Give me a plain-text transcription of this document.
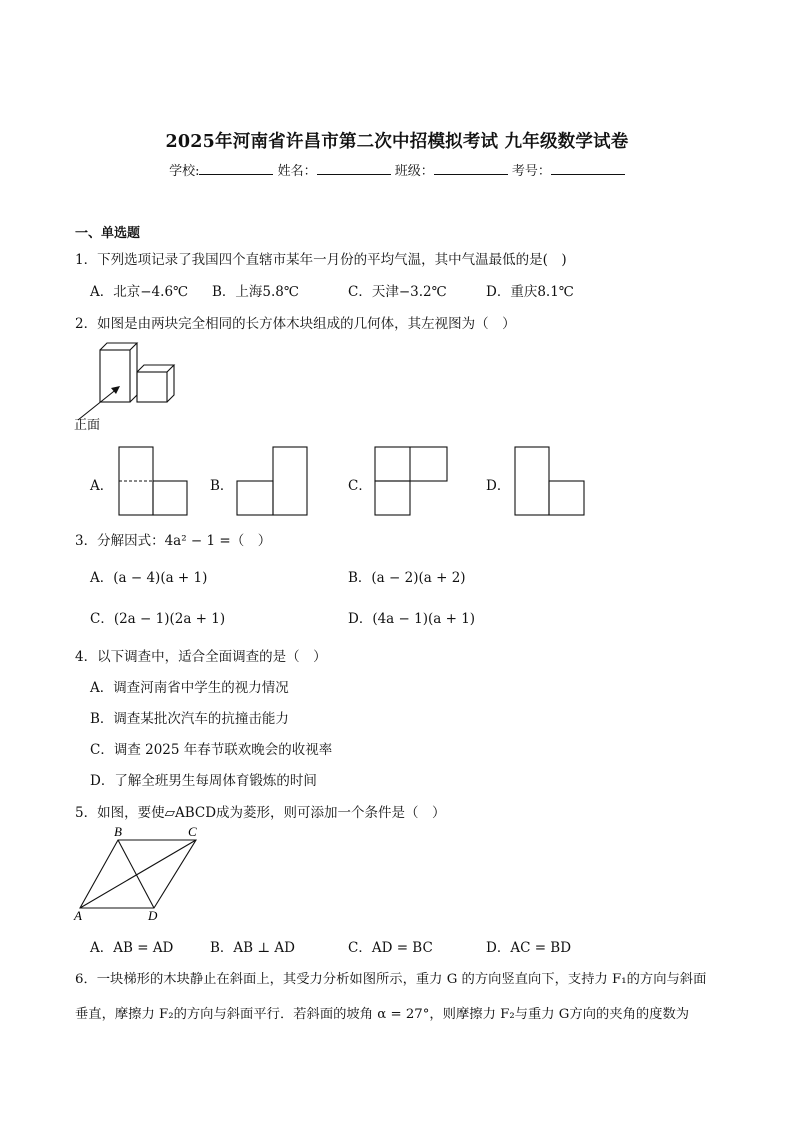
2025年河南省许昌市第二次中招模拟考试 九年级数学试卷
学校:	姓名：	班级：	考号：
一、单选题
1．下列选项记录了我国四个直辖市某年一月份的平均气温，其中气温最低的是(　)
A．北京−4.6℃ B．上海5.8℃	C．天津−3.2℃	D．重庆8.1℃
2．如图是由两块完全相同的长方体木块组成的几何体，其左视图为（　）
正面
A．	B．	C．	D．
3．分解因式：4a² − 1 =（　）
A．(a − 4)(a + 1)	B．(a − 2)(a + 2)
C．(2a − 1)(2a + 1)	D．(4a − 1)(a + 1)
4．以下调查中，适合全面调查的是（　）
A．调查河南省中学生的视力情况
B．调查某批次汽车的抗撞击能力
C．调查 2025 年春节联欢晚会的收视率
D．了解全班男生每周体育锻炼的时间
5．如图，要使▱ABCD成为菱形，则可添加一个条件是（　）
A
B	C
D
A．AB = AD	B．AB ⊥ AD	C．AD = BC	D．AC = BD
6．一块梯形的木块静止在斜面上，其受力分析如图所示，重力 G 的方向竖直向下，支持力 F₁的方向与斜面
垂直，摩擦力 F₂的方向与斜面平行．若斜面的坡角 α = 27°，则摩擦力 F₂与重力 G方向的夹角的度数为
